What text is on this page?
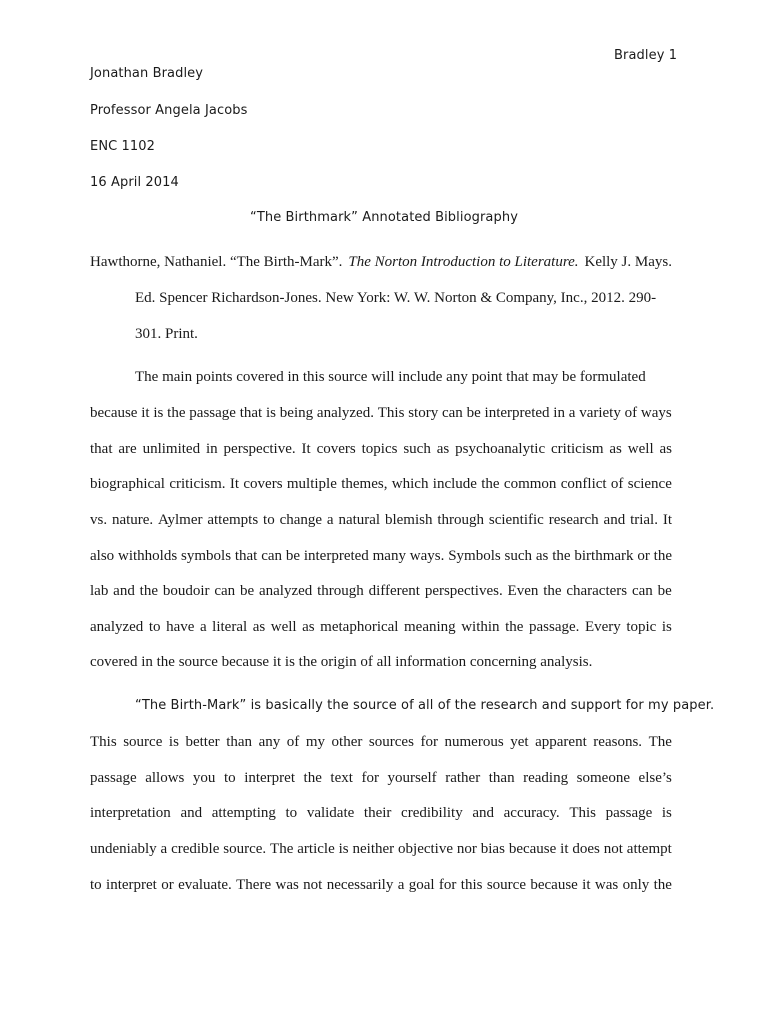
Bradley 1
Jonathan Bradley
Professor Angela Jacobs
ENC 1102
16 April 2014
“The Birthmark” Annotated Bibliography
Hawthorne, Nathaniel. “The Birth-Mark”. The Norton Introduction to Literature. Kelly J. Mays.
Ed. Spencer Richardson-Jones. New York: W. W. Norton & Company, Inc., 2012. 290-
301. Print.
The main points covered in this source will include any point that may be formulated
because it is the passage that is being analyzed. This story can be interpreted in a variety of ways
that are unlimited in perspective. It covers topics such as psychoanalytic criticism as well as
biographical criticism. It covers multiple themes, which include the common conflict of science
vs. nature. Aylmer attempts to change a natural blemish through scientific research and trial. It
also withholds symbols that can be interpreted many ways. Symbols such as the birthmark or the
lab and the boudoir can be analyzed through different perspectives. Even the characters can be
analyzed to have a literal as well as metaphorical meaning within the passage. Every topic is
covered in the source because it is the origin of all information concerning analysis.
“The Birth-Mark” is basically the source of all of the research and support for my paper.
This source is better than any of my other sources for numerous yet apparent reasons. The
passage allows you to interpret the text for yourself rather than reading someone else’s
interpretation and attempting to validate their credibility and accuracy. This passage is
undeniably a credible source. The article is neither objective nor bias because it does not attempt
to interpret or evaluate. There was not necessarily a goal for this source because it was only the
